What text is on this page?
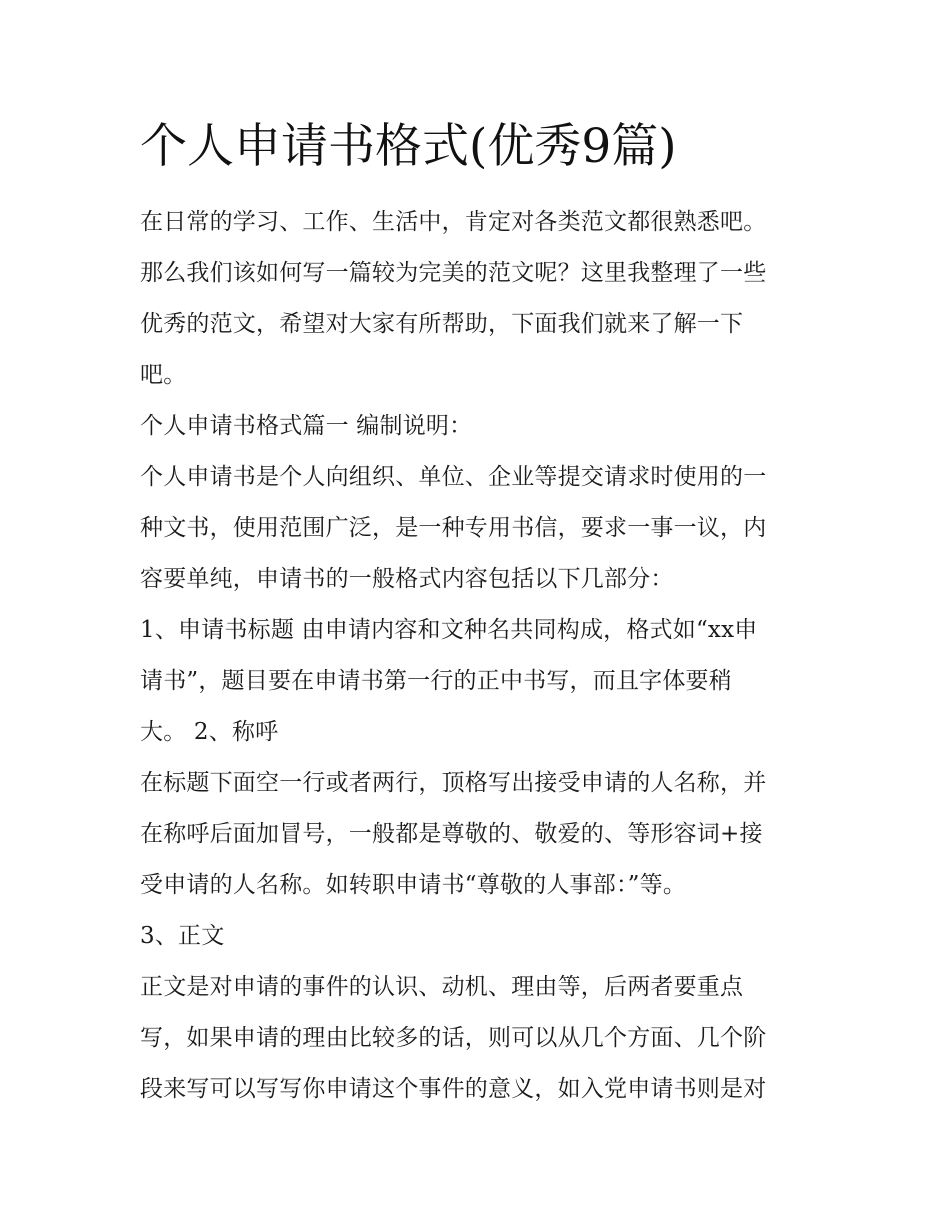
个人申请书格式(优秀9篇)
在日常的学习、工作、生活中，肯定对各类范文都很熟悉吧。
那么我们该如何写一篇较为完美的范文呢？这里我整理了一些
优秀的范文，希望对大家有所帮助，下面我们就来了解一下
吧。
个人申请书格式篇一 编制说明：
个人申请书是个人向组织、单位、企业等提交请求时使用的一
种文书，使用范围广泛，是一种专用书信，要求一事一议，内
容要单纯，申请书的一般格式内容包括以下几部分：
1、申请书标题 由申请内容和文种名共同构成，格式如“xx申
请书”，题目要在申请书第一行的正中书写，而且字体要稍
大。 2、称呼
在标题下面空一行或者两行，顶格写出接受申请的人名称，并
在称呼后面加冒号，一般都是尊敬的、敬爱的、等形容词+接
受申请的人名称。如转职申请书“尊敬的人事部：”等。
3、正文
正文是对申请的事件的认识、动机、理由等，后两者要重点
写，如果申请的理由比较多的话，则可以从几个方面、几个阶
段来写可以写写你申请这个事件的意义，如入党申请书则是对
